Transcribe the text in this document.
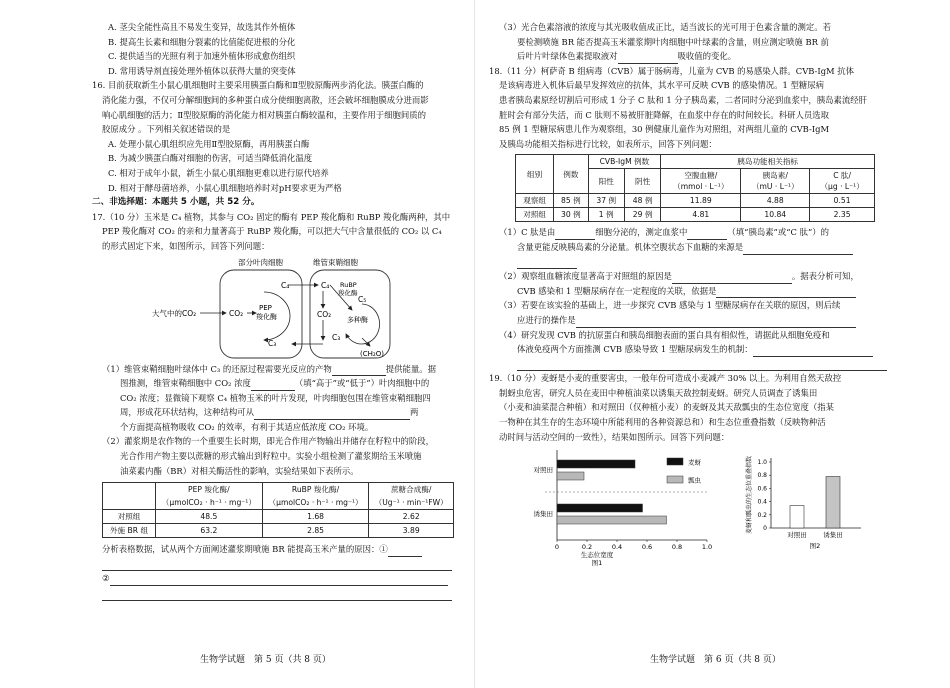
A. 茎尖全能性高且不易发生变异，故选其作外植体

B. 提高生长素和细胞分裂素的比值能促进根的分化

C. 提供适当的光照有利于加速外植体形成愈伤组织

D. 常用诱导剂直接处理外植体以获得大量的突变体

16. 目前获取新生小鼠心肌细胞时主要采用胰蛋白酶和Ⅱ型胶原酶两步消化法。胰蛋白酶的

消化能力强，不仅可分解细胞间的多种蛋白成分使细胞离散，还会破坏细胞膜成分进而影

响心肌细胞的活力；Ⅱ型胶原酶的消化能力相对胰蛋白酶较温和，主要作用于细胞间质的

胶原成分 。下列相关叙述错误的是

A. 处理小鼠心肌组织应先用Ⅱ型胶原酶，再用胰蛋白酶

B. 为减少胰蛋白酶对细胞的伤害，可适当降低消化温度

C. 相对于成年小鼠，新生小鼠心肌细胞更难以进行原代培养

D. 相对于酵母菌培养，小鼠心肌细胞培养时对pH要求更为严格

二、非选择题：本题共 5 小题，共 52 分。

17.（10 分）玉米是 C₄ 植物，其参与 CO₂ 固定的酶有 PEP 羧化酶和 RuBP 羧化酶两种，其中

PEP 羧化酶对 CO₂ 的亲和力量著高于 RuBP 羧化酶，可以把大气中含量很低的 CO₂ 以 C₄

的形式固定下来，如图所示，回答下列问题：

部分叶肉细胞	维管束鞘细胞
大气中的CO₂	CO₂
C₄
C₃
PEP
羧化酶
C₄
CO₂
RuBP
羧化酶
C₅
C₃
多种酶
(CH₂O)

（1）维管束鞘细胞叶绿体中 C₃ 的还原过程需要光反应的产物	提供能量。据

图推测，维管束鞘细胞中 CO₂ 浓度	（填“高于”或“低于”）叶肉细胞中的

CO₂ 浓度；显微镜下观察 C₄ 植物玉米的叶片发现，叶肉细胞包围在维管束鞘细胞四

周，形成花环状结构，这种结构可从	两

个方面提高植物吸收 CO₂ 的效率，有利于其适应低浓度 CO₂ 环境。

（2）灌浆期是农作物的一个重要生长时期，即光合作用产物输出并储存在籽粒中的阶段，

光合作用产物主要以蔗糖的形式输出到籽粒中。实验小组检测了灌浆期给玉米喷施

油菜素内酯（BR）对相关酶活性的影响，实验结果如下表所示。

	PEP 羧化酶/	RuBP 羧化酶/	蔗糖合成酶/
	（μmolCO₂ · h⁻¹ · mg⁻¹）	（μmolCO₂ · h⁻¹ · mg⁻¹）	（Ug⁻¹ · min⁻¹FW）
对照组	48.5	1.68	2.62
外施 BR 组	63.2	2.85	3.89

分析表格数据，试从两个方面阐述灌浆期喷施 BR 能提高玉米产量的原因：①

②

生物学试题　第 5 页（共 8 页）

（3）光合色素溶液的浓度与其光吸收值成正比，适当波长的光可用于色素含量的测定。若

要检测喷施 BR 能否提高玉米灌浆期叶肉细胞中叶绿素的含量，则应测定喷施 BR 前

后叶片叶绿体色素提取液对	吸收值的变化。

18.（11 分）柯萨奇 B 组病毒（CVB）属于肠病毒，儿童为 CVB 的易感染人群。CVB-IgM 抗体

是该病毒进入机体后最早发挥效应的抗体，其水平可反映 CVB 的感染情况。1 型糖尿病

患者胰岛素原经切割后可形成 1 分子 C 肽和 1 分子胰岛素，二者同时分泌到血浆中，胰岛素流经肝

脏时会有部分失活，而 C 肽则不易被肝脏降解，在血浆中存在的时间较长。科研人员选取

85 例 1 型糖尿病患儿作为观察组，30 例健康儿童作为对照组，对两组儿童的 CVB-IgM

及胰岛功能相关指标进行比较，如表所示，回答下列问题：

组别	例数	CVB-IgM 例数		胰岛功能相关指标		
		阳性	阴性	空腹血糖/
（mmol · L⁻¹）	胰岛素/
（mU · L⁻¹）	C 肽/
（μg · L⁻¹）
观察组	85 例	37 例	48 例	11.89	4.88	0.51
对照组	30 例	1 例	29 例	4.81	10.84	2.35

（1）C 肽是由	细胞分泌的，测定血浆中	（填“胰岛素”或“C 肽”）的

含量更能反映胰岛素的分泌量。机体空腹状态下血糖的来源是

（2）观察组血糖浓度显著高于对照组的原因是	。据表分析可知，

CVB 感染和 1 型糖尿病存在一定程度的关联，依据是

（3）若要在该实验的基础上，进一步探究 CVB 感染与 1 型糖尿病存在关联的原因，则后续

应进行的操作是

（4）研究发现 CVB 的抗原蛋白和胰岛细胞表面的蛋白具有相似性，请据此从细胞免疫和

体液免疫两个方面推测 CVB 感染导致 1 型糖尿病发生的机制：

19.（10 分）麦蚜是小麦的重要害虫，一般年份可造成小麦减产 30% 以上。为利用自然天敌控

制蚜虫危害，研究人员在麦田中种植油菜以诱集天敌控制麦蚜。研究人员调查了诱集田

（小麦和油菜混合种植）和对照田（仅种植小麦）的麦蚜及其天敌瓢虫的生态位宽度（指某

一物种在其生存的生态环境中所能利用的各种资源总和）和生态位重叠指数（反映物种活

动时间与活动空间的一致性），结果如图所示。回答下列问题：

0	0.2	0.4	0.6	0.8	1.0
生态位宽度
图1
对照田
诱集田
麦蚜
瓢虫
0
0.2
0.4
0.6
0.8
1.0
麦蚜和瓢虫的生态位重叠指数
对照田	诱集田
图2
生物学试题　第 6 页（共 8 页）
